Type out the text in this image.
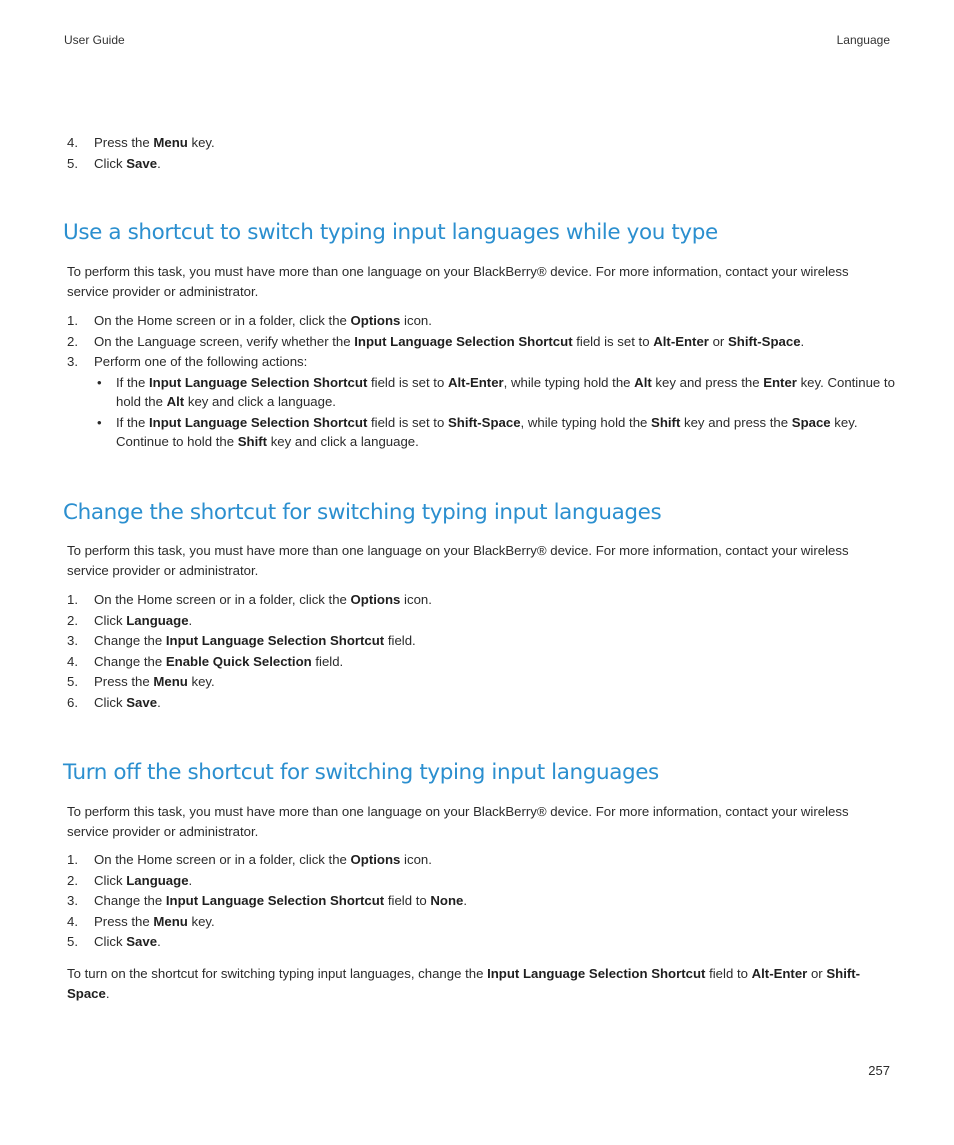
User Guide	Language
4. Press the Menu key.
5. Click Save.
Use a shortcut to switch typing input languages while you type

To perform this task, you must have more than one language on your BlackBerry® device. For more information, contact your wireless service provider or administrator.

1. On the Home screen or in a folder, click the Options icon.
2. On the Language screen, verify whether the Input Language Selection Shortcut field is set to Alt-Enter or Shift-Space.
3. Perform one of the following actions:
• If the Input Language Selection Shortcut field is set to Alt-Enter, while typing hold the Alt key and press the Enter key. Continue to hold the Alt key and click a language.
• If the Input Language Selection Shortcut field is set to Shift-Space, while typing hold the Shift key and press the Space key. Continue to hold the Shift key and click a language.
Change the shortcut for switching typing input languages

To perform this task, you must have more than one language on your BlackBerry® device. For more information, contact your wireless service provider or administrator.

1. On the Home screen or in a folder, click the Options icon.
2. Click Language.
3. Change the Input Language Selection Shortcut field.
4. Change the Enable Quick Selection field.
5. Press the Menu key.
6. Click Save.
Turn off the shortcut for switching typing input languages

To perform this task, you must have more than one language on your BlackBerry® device. For more information, contact your wireless service provider or administrator.

1. On the Home screen or in a folder, click the Options icon.
2. Click Language.
3. Change the Input Language Selection Shortcut field to None.
4. Press the Menu key.
5. Click Save.

To turn on the shortcut for switching typing input languages, change the Input Language Selection Shortcut field to Alt-Enter or Shift-Space.

257
